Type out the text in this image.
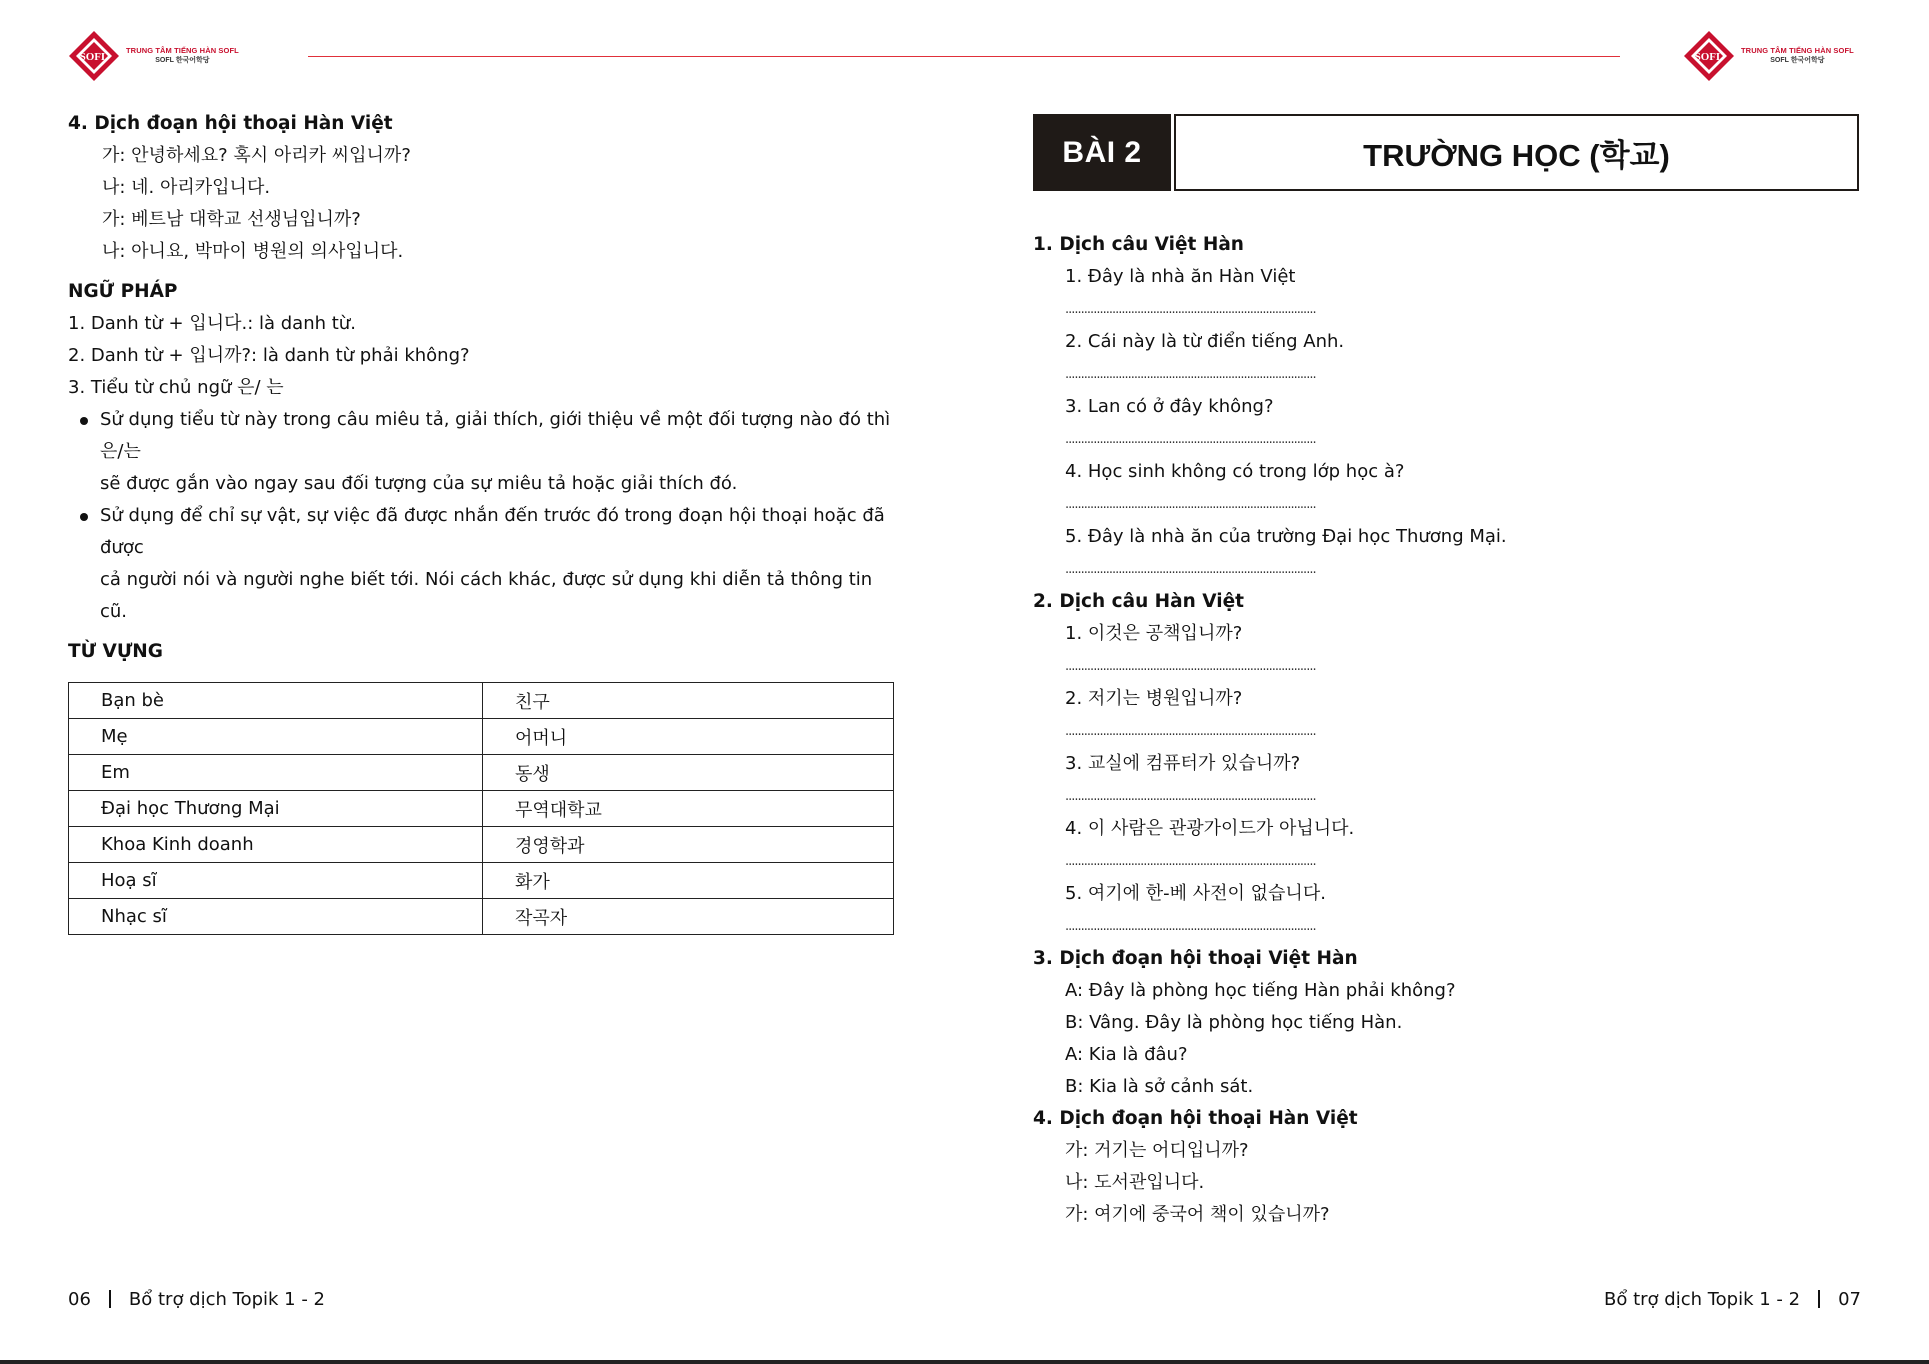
SOFL
TRUNG TÂM TIẾNG HÀN SOFL
SOFL 한국어학당	SOFL
TRUNG TÂM TIẾNG HÀN SOFL
SOFL 한국어학당
4. Dịch đoạn hội thoại Hàn Việt
가: 안녕하세요? 혹시 아리카 씨입니까?
나: 네. 아리카입니다.
가: 베트남 대학교 선생님입니까?
나: 아니요, 박마이 병원의 의사입니다.
NGỮ PHÁP
1. Danh từ + 입니다.: là danh từ.
2. Danh từ + 입니까?: là danh từ phải không?
3. Tiểu từ chủ ngữ 은/ 는
Sử dụng tiểu từ này trong câu miêu tả, giải thích, giới thiệu về một đối tượng nào đó thì 은/는
sẽ được gắn vào ngay sau đối tượng của sự miêu tả hoặc giải thích đó.
Sử dụng để chỉ sự vật, sự việc đã được nhắn đến trước đó trong đoạn hội thoại hoặc đã được
cả người nói và người nghe biết tới. Nói cách khác, được sử dụng khi diễn tả thông tin cũ.
TỪ VỰNG
Bạn bè	친구
Mẹ	어머니
Em	동생
Đại học Thương Mại	무역대학교
Khoa Kinh doanh	경영학과
Hoạ sĩ	화가
Nhạc sĩ	작곡자
BÀI 2	TRƯỜNG HỌC (학교)
1. Dịch câu Việt Hàn
1. Đây là nhà ăn Hàn Việt
................................................................................
2. Cái này là từ điển tiếng Anh.
................................................................................
3. Lan có ở đây không?
................................................................................
4. Học sinh không có trong lớp học à?
................................................................................
5. Đây là nhà ăn của trường Đại học Thương Mại.
................................................................................
2. Dịch câu Hàn Việt
1. 이것은 공책입니까?
................................................................................
2. 저기는 병원입니까?
................................................................................
3. 교실에 컴퓨터가 있습니까?
................................................................................
4. 이 사람은 관광가이드가 아닙니다.
................................................................................
5. 여기에 한-베 사전이 없습니다.
................................................................................
3. Dịch đoạn hội thoại Việt Hàn
A: Đây là phòng học tiếng Hàn phải không?
B: Vâng. Đây là phòng học tiếng Hàn.
A: Kia là đâu?
B: Kia là sở cảnh sát.
4. Dịch đoạn hội thoại Hàn Việt
가: 거기는 어디입니까?
나: 도서관입니다.
가: 여기에 중국어 책이 있습니까?
06 Bổ trợ dịch Topik 1 - 2	Bổ trợ dịch Topik 1 - 2 07
